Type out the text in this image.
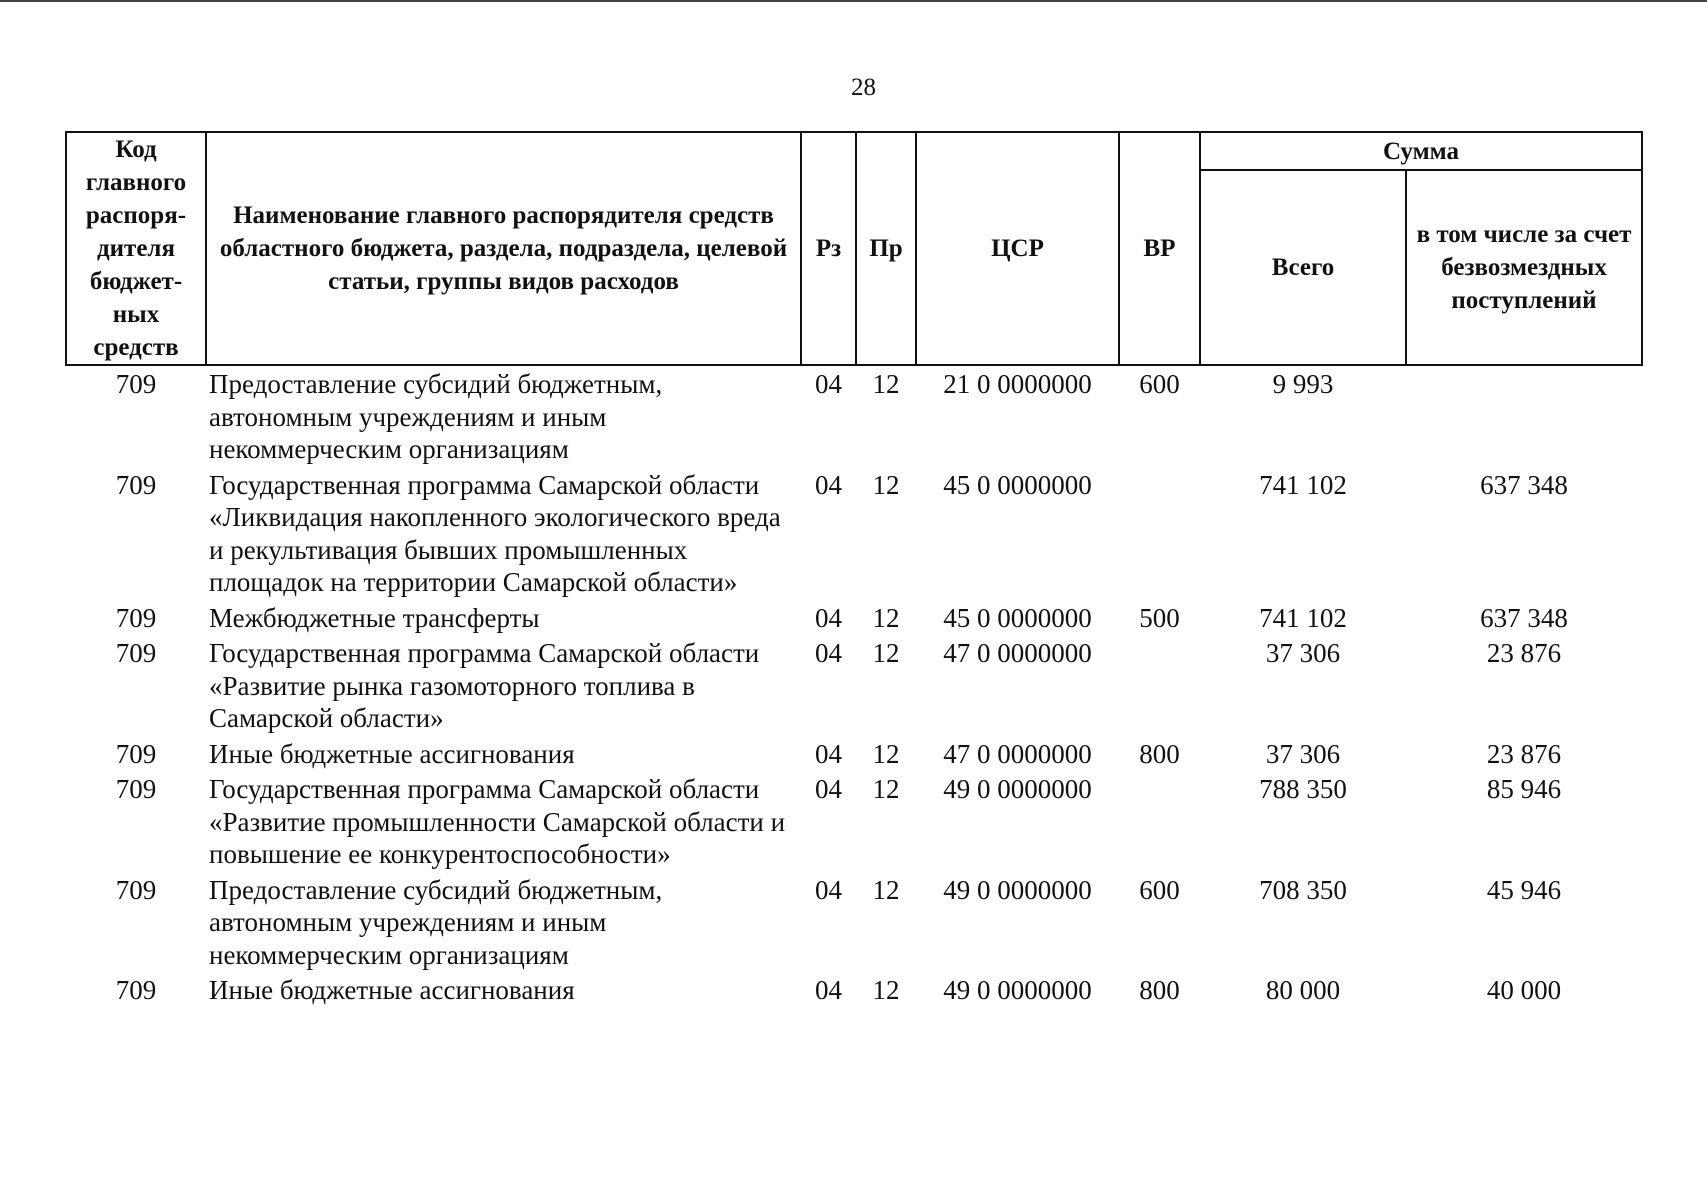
28
Код главного распоря-дителя бюджет-ных средств	Наименование главного распорядителя средств областного бюджета, раздела, подраздела, целевой статьи, группы видов расходов	Рз	Пр	ЦСР	ВР	Сумма	
						Всего	в том числе за счет безвозмездных поступлений
709	Предоставление субсидий бюджетным, автономным учреждениям и иным некоммерческим организациям	04	12	21 0 0000000	600	9 993	
709	Государственная программа Самарской области «Ликвидация накопленного экологического вреда и рекультивация бывших промышленных площадок на территории Самарской области»	04	12	45 0 0000000		741 102	637 348
709	Межбюджетные трансферты	04	12	45 0 0000000	500	741 102	637 348
709	Государственная программа Самарской области «Развитие рынка газомоторного топлива в Самарской области»	04	12	47 0 0000000		37 306	23 876
709	Иные бюджетные ассигнования	04	12	47 0 0000000	800	37 306	23 876
709	Государственная программа Самарской области «Развитие промышленности Самарской области и повышение ее конкурентоспособности»	04	12	49 0 0000000		788 350	85 946
709	Предоставление субсидий бюджетным, автономным учреждениям и иным некоммерческим организациям	04	12	49 0 0000000	600	708 350	45 946
709	Иные бюджетные ассигнования	04	12	49 0 0000000	800	80 000	40 000
